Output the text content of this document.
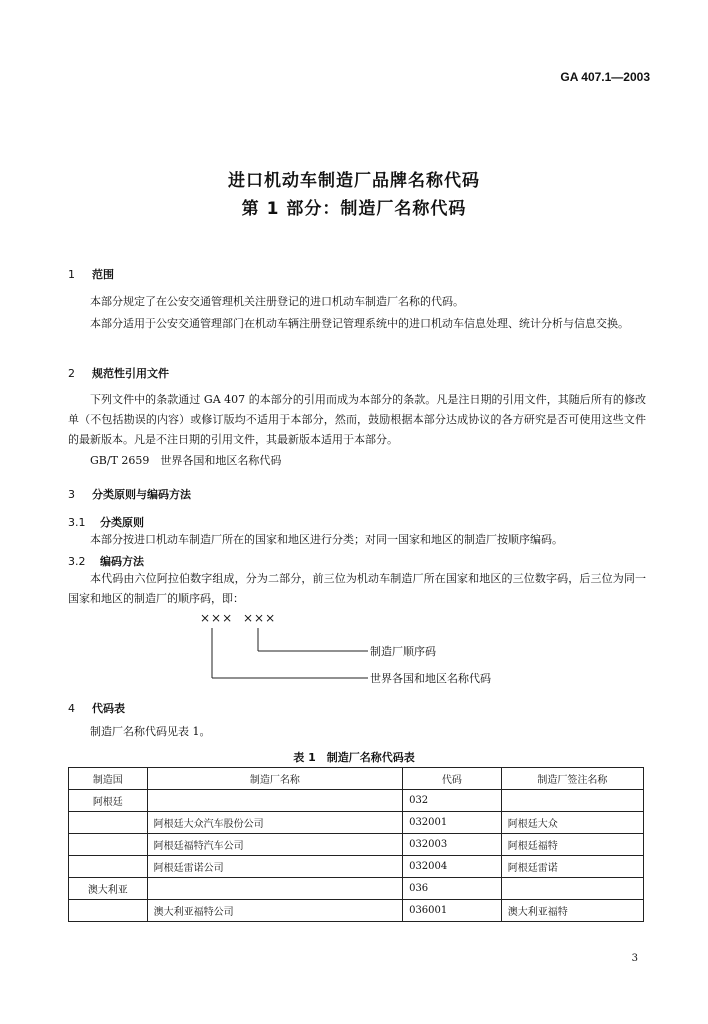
GA 407.1—2003
进口机动车制造厂品牌名称代码
第 1 部分：制造厂名称代码
1 范围
本部分规定了在公安交通管理机关注册登记的进口机动车制造厂名称的代码。
本部分适用于公安交通管理部门在机动车辆注册登记管理系统中的进口机动车信息处理、统计分析与信息交换。
2 规范性引用文件
下列文件中的条款通过 GA 407 的本部分的引用而成为本部分的条款。凡是注日期的引用文件，其随后所有的修改单（不包括勘误的内容）或修订版均不适用于本部分，然而，鼓励根据本部分达成协议的各方研究是否可使用这些文件的最新版本。凡是不注日期的引用文件，其最新版本适用于本部分。
GB/T 2659　世界各国和地区名称代码
3 分类原则与编码方法
3.1 分类原则
本部分按进口机动车制造厂所在的国家和地区进行分类；对同一国家和地区的制造厂按顺序编码。
3.2 编码方法
本代码由六位阿拉伯数字组成，分为二部分，前三位为机动车制造厂所在国家和地区的三位数字码，后三位为同一国家和地区的制造厂的顺序码，即：
××× ×××
制造厂顺序码
世界各国和地区名称代码
4 代码表
制造厂名称代码见表 1。
表 1　制造厂名称代码表
制造国	制造厂名称	代码	制造厂签注名称
阿根廷		032	
	阿根廷大众汽车股份公司	032001	阿根廷大众
	阿根廷福特汽车公司	032003	阿根廷福特
	阿根廷雷诺公司	032004	阿根廷雷诺
澳大利亚		036	
	澳大利亚福特公司	036001	澳大利亚福特
3
